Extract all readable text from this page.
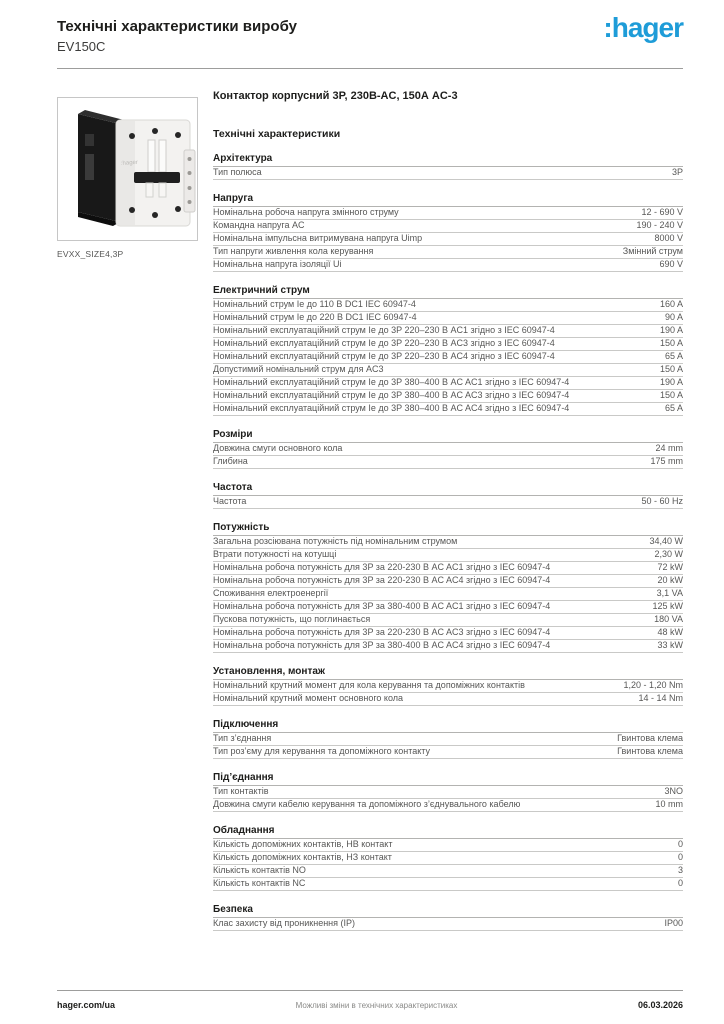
Технічні характеристики виробу
EV150C
:hager
:hager
EVXX_SIZE4,3P
Контактор корпусний 3P, 230В-AC, 150А AC-3
Технічні характеристики
Архітектура
Тип полюса	3P
Напруга
Номінальна робоча напруга змінного струму	12 - 690 V
Командна напруга AC	190 - 240 V
Номінальна імпульсна витримувана напруга Uimp	8000 V
Тип напруги живлення кола керування	Змінний струм
Номінальна напруга ізоляції Ui	690 V
Електричний струм
Номінальний струм Ie до 110 В DC1 IEC 60947-4	160 A
Номінальний струм Ie до 220 В DC1 IEC 60947-4	90 A
Номінальний експлуатаційний струм Ie до 3P 220–230 В AC1 згідно з IEC 60947-4	190 A
Номінальний експлуатаційний струм Ie до 3P 220–230 В AC3 згідно з IEC 60947-4	150 A
Номінальний експлуатаційний струм Ie до 3P 220–230 В AC4 згідно з IEC 60947-4	65 A
Допустимий номінальний струм для AC3	150 A
Номінальний експлуатаційний струм Ie до 3P 380–400 В AC AC1 згідно з IEC 60947-4	190 A
Номінальний експлуатаційний струм Ie до 3P 380–400 В AC AC3 згідно з IEC 60947-4	150 A
Номінальний експлуатаційний струм Ie до 3P 380–400 В AC AC4 згідно з IEC 60947-4	65 A
Розміри
Довжина смуги основного кола	24 mm
Глибина	175 mm
Частота
Частота	50 - 60 Hz
Потужність
Загальна розсіювана потужність під номінальним струмом	34,40 W
Втрати потужності на котушці	2,30 W
Номінальна робоча потужність для 3P за 220-230 В AC AC1 згідно з IEC 60947-4	72 kW
Номінальна робоча потужність для 3P за 220-230 В AC AC4 згідно з IEC 60947-4	20 kW
Споживання електроенергії	3,1 VA
Номінальна робоча потужність для 3P за 380-400 В AC AC1 згідно з IEC 60947-4	125 kW
Пускова потужність, що поглинається	180 VA
Номінальна робоча потужність для 3P за 220-230 В AC AC3 згідно з IEC 60947-4	48 kW
Номінальна робоча потужність для 3P за 380-400 В AC AC4 згідно з IEC 60947-4	33 kW
Установлення, монтаж
Номінальний крутний момент для кола керування та допоміжних контактів	1,20 - 1,20 Nm
Номінальний крутний момент основного кола	14 - 14 Nm
Підключення
Тип з’єднання	Гвинтова клема
Тип роз’єму для керування та допоміжного контакту	Гвинтова клема
Під’єднання
Тип контактів	3NO
Довжина смуги кабелю керування та допоміжного з’єднувального кабелю	10 mm
Обладнання
Кількість допоміжних контактів, НВ контакт	0
Кількість допоміжних контактів, НЗ контакт	0
Кількість контактів NO	3
Кількість контактів NC	0
Безпека
Клас захисту від проникнення (IP)	IP00
hager.com/ua	Можливі зміни в технічних характеристиках	06.03.2026
